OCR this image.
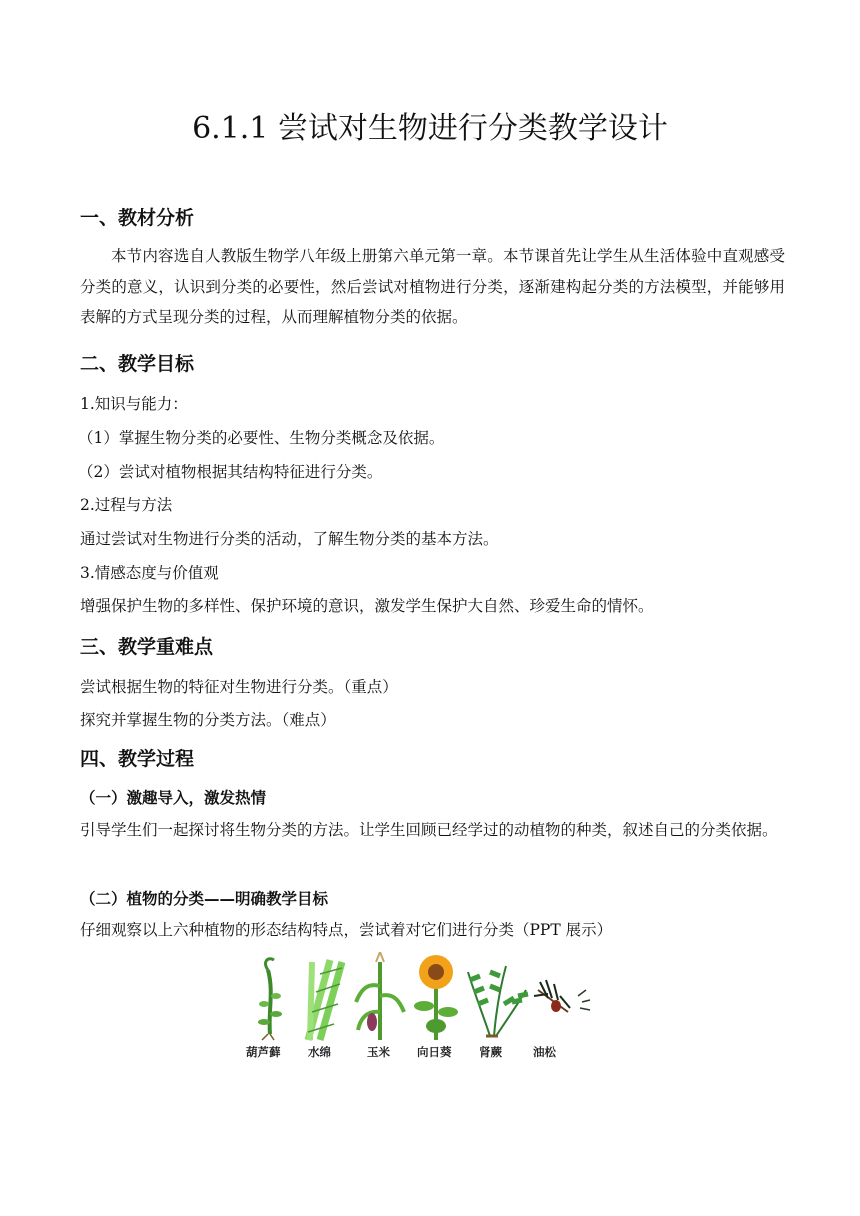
6.1.1 尝试对生物进行分类教学设计
一、教材分析
本节内容选自人教版生物学八年级上册第六单元第一章。本节课首先让学生从生活体验中直观感受分类的意义，认识到分类的必要性，然后尝试对植物进行分类，逐渐建构起分类的方法模型，并能够用表解的方式呈现分类的过程，从而理解植物分类的依据。
二、教学目标
1.知识与能力：
（1）掌握生物分类的必要性、生物分类概念及依据。
（2）尝试对植物根据其结构特征进行分类。
2.过程与方法
通过尝试对生物进行分类的活动，了解生物分类的基本方法。
3.情感态度与价值观
增强保护生物的多样性、保护环境的意识，激发学生保护大自然、珍爱生命的情怀。
三、教学重难点
尝试根据生物的特征对生物进行分类。（重点）
探究并掌握生物的分类方法。（难点）
四、教学过程
（一）激趣导入，激发热情
引导学生们一起探讨将生物分类的方法。让学生回顾已经学过的动植物的种类，叙述自己的分类依据。
（二）植物的分类——明确教学目标
仔细观察以上六种植物的形态结构特点，尝试着对它们进行分类（PPT 展示）
葫芦藓 水绵	玉米 向日葵 肾蕨	油松
